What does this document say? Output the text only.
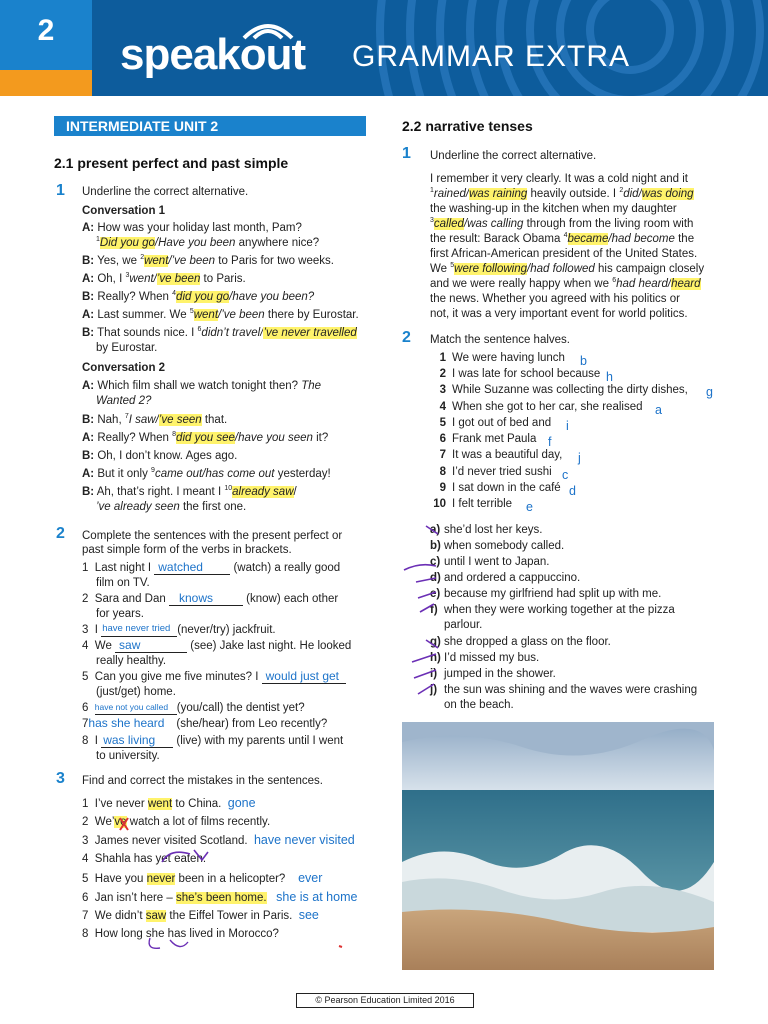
2	speakout GRAMMAR EXTRA
INTERMEDIATE UNIT 2
2.1 present perfect and past simple
1 Underline the correct alternative.
Conversation 1
A: How was your holiday last month, Pam?
$^1$Did you go/Have you been anywhere nice?
B: Yes, we $^2$went/’ve been to Paris for two weeks.
A: Oh, I $^3$went/’ve been to Paris.
B: Really? When $^4$did you go/have you been?
A: Last summer. We $^5$went/’ve been there by Eurostar.
B: That sounds nice. I $^6$didn’t travel/’ve never travelled
by Eurostar.
Conversation 2
A: Which film shall we watch tonight then? The
Wanted 2?
B: Nah, $^7$I saw/’ve seen that.
A: Really? When $^8$did you see/have you seen it?
B: Oh, I don’t know. Ages ago.
A: But it only $^9$came out/has come out yesterday!
B: Ah, that’s right. I meant I $^{10}$already saw/
’ve already seen the first one.
2 Complete the sentences with the present perfect or
past simple form of the verbs in brackets.
1 Last night I watched (watch) a really good
film on TV.
2 Sara and Dan knows	(know) each other
for years.
3 I have never tried (never/try) jackfruit.
4 We saw	(see) Jake last night. He looked
really healthy.
5 Can you give me five minutes? I would just get
(just/get) home.
6 have not you called (you/call) the dentist yet?
7 has she heard (she/hear) from Leo recently?
8 I was living (live) with my parents until I went
to university.
3 Find and correct the mistakes in the sentences.
1 I’ve never went to China. gone
2 We’ve watch a lot of films recently.
3 James never visited Scotland. have never visited
4 Shahla has yet eaten.
5 Have you never been in a helicopter? ever
6 Jan isn’t here – she’s been home. she is at home
7 We didn’t saw the Eiffel Tower in Paris. see
8 How long she has lived in Morocco?
2.2 narrative tenses
1 Underline the correct alternative.
I remember it very clearly. It was a cold night and it
$^1$rained/was raining heavily outside. I $^2$did/was doing
the washing-up in the kitchen when my daughter
$^3$called/was calling through from the living room with
the result: Barack Obama $^4$became/had become the
first African-American president of the United States.
We $^5$were following/had followed his campaign closely
and we were really happy when we $^6$had heard/heard
the news. Whether you agreed with his politics or
not, it was a very important event for world politics.
2 Match the sentence halves.
1 We were having lunch b
2 I was late for school because h
3 While Suzanne was collecting the dirty dishes, g
4 When she got to her car, she realised a
5 I got out of bed and i
6 Frank met Paula f
7 It was a beautiful day, j
8 I’d never tried sushi c
9 I sat down in the café d
10 I felt terrible e
a) she’d lost her keys.
b) when somebody called.
c) until I went to Japan.
d) and ordered a cappuccino.
e) because my girlfriend had split up with me.
f) when they were working together at the pizza
parlour.
g) she dropped a glass on the floor.
h) I’d missed my bus.
i) jumped in the shower.
j) the sun was shining and the waves were crashing
on the beach.
© Pearson Education Limited 2016
